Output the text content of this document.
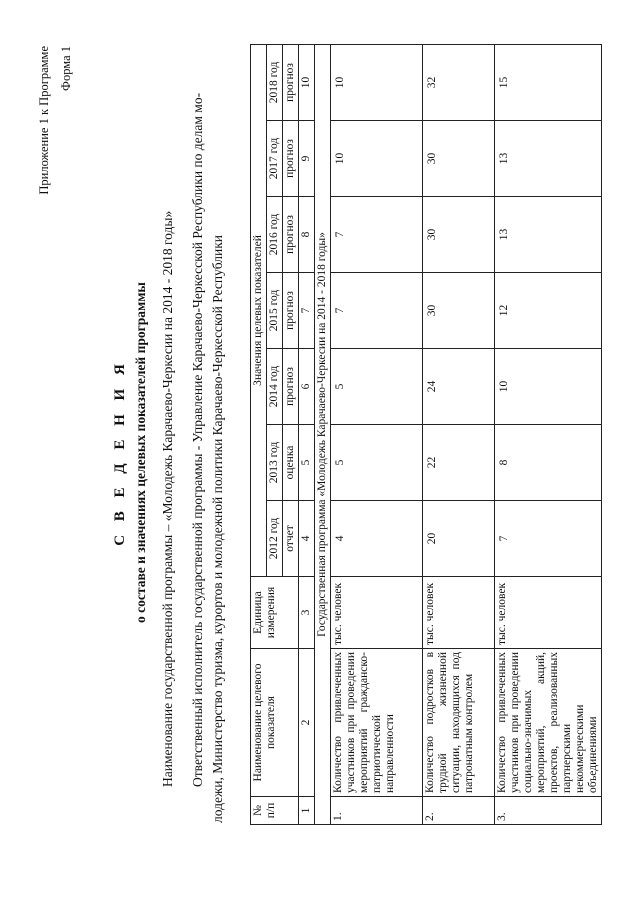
Приложение 1 к Программе Форма 1
С В Е Д Е Н И Я о составе и значениях целевых показателей программы Наименование государственной программы – «Молодежь Карачаево-Черкесии на 2014 - 2018 годы» Ответственный исполнитель государственной программы - Управление Карачаево-Черкесской Республики по делам мо- лодежи, Министерство туризма, курортов и молодежной политики Карачаево-Черкесской Республики № п/п	Наименование целевого показателя	Единица измерения	Значения целевых показателей						
			2012 год	2013 год	2014 год	2015 год	2016 год	2017 год	2018 год
			отчет	оценка	прогноз	прогноз	прогноз	прогноз	прогноз
1	2	3	4	5	6	7	8	9	10
Государственная программа «Молодежь Карачаево-Черкесии на 2014 - 2018 годы»									
1.	Количество привлеченных участников при проведении мероприятий гражданско-патриотической направленности	тыс. человек	4	5	5	7	7	10	10
2.	Количество подростков в трудной жизненной ситуации, находящихся под патронатным контролем	тыс. человек	20	22	24	30	30	30	32
3.	Количество привлеченных участников при проведении социально-значимых мероприятий, акций, проектов, реализованных партнерскими некоммерческими объединениями	тыс. человек	7	8	10	12	13	13	15
